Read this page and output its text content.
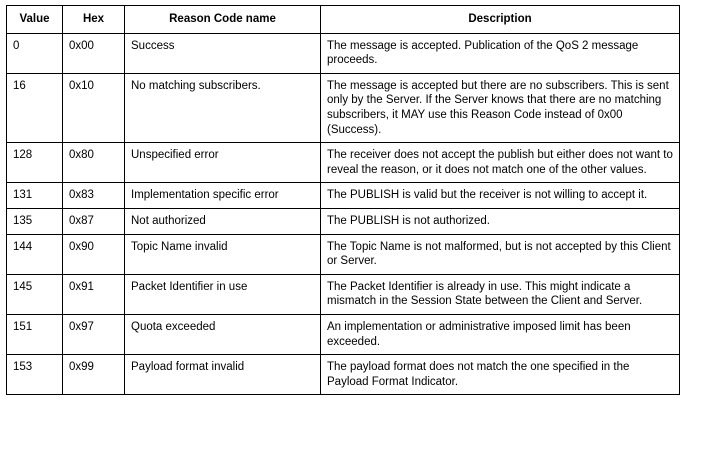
Value	Hex	Reason Code name	Description
0	0x00	Success	The message is accepted. Publication of the QoS 2 message proceeds.
16	0x10	No matching subscribers.	The message is accepted but there are no subscribers. This is sent only by the Server. If the Server knows that there are no matching subscribers, it MAY use this Reason Code instead of 0x00 (Success).
128	0x80	Unspecified error	The receiver does not accept the publish but either does not want to reveal the reason, or it does not match one of the other values.
131	0x83	Implementation specific error	The PUBLISH is valid but the receiver is not willing to accept it.
135	0x87	Not authorized	The PUBLISH is not authorized.
144	0x90	Topic Name invalid	The Topic Name is not malformed, but is not accepted by this Client or Server.
145	0x91	Packet Identifier in use	The Packet Identifier is already in use. This might indicate a mismatch in the Session State between the Client and Server.
151	0x97	Quota exceeded	An implementation or administrative imposed limit has been exceeded.
153	0x99	Payload format invalid	The payload format does not match the one specified in the Payload Format Indicator.
